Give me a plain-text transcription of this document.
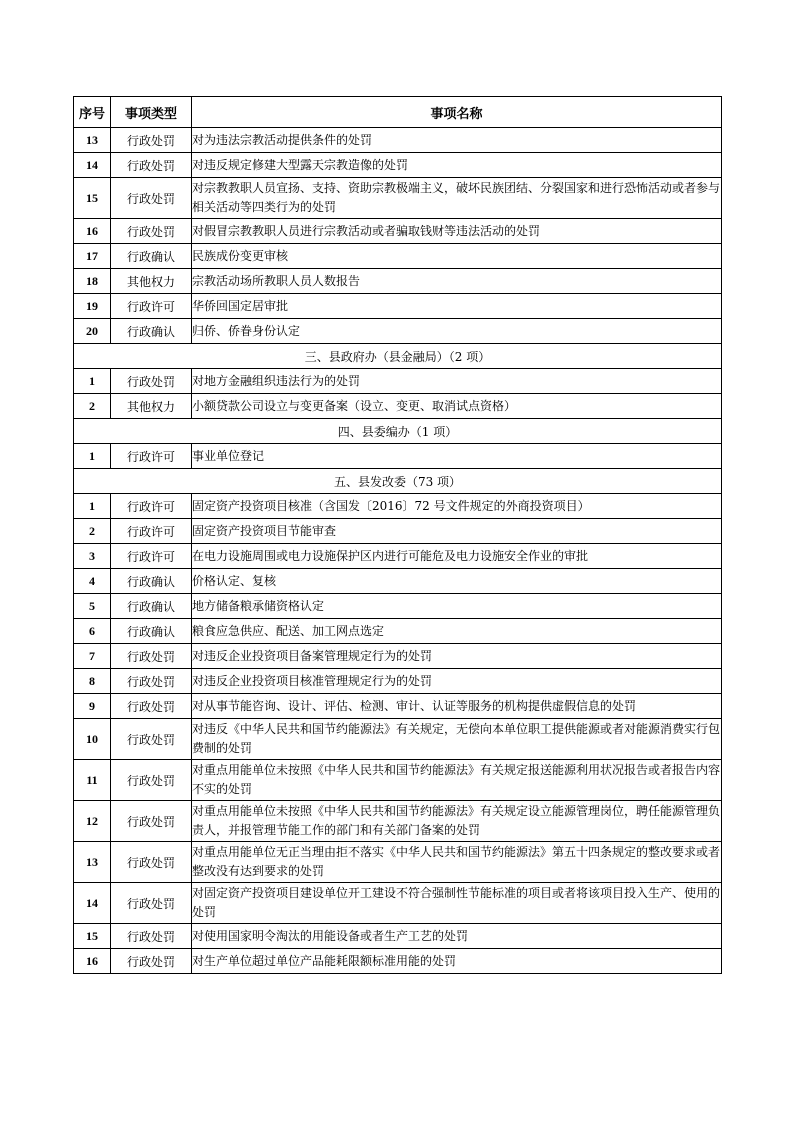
序号	事项类型	事项名称
13	行政处罚	对为违法宗教活动提供条件的处罚
14	行政处罚	对违反规定修建大型露天宗教造像的处罚
15	行政处罚	对宗教教职人员宣扬、支持、资助宗教极端主义，破坏民族团结、分裂国家和进行恐怖活动或者参与相关活动等四类行为的处罚
16	行政处罚	对假冒宗教教职人员进行宗教活动或者骗取钱财等违法活动的处罚
17	行政确认	民族成份变更审核
18	其他权力	宗教活动场所教职人员人数报告
19	行政许可	华侨回国定居审批
20	行政确认	归侨、侨眷身份认定
三、县政府办（县金融局）（2 项）		
1	行政处罚	对地方金融组织违法行为的处罚
2	其他权力	小额贷款公司设立与变更备案（设立、变更、取消试点资格）
四、县委编办（1 项）		
1	行政许可	事业单位登记
五、县发改委（73 项）		
1	行政许可	固定资产投资项目核准（含国发〔2016〕72 号文件规定的外商投资项目）
2	行政许可	固定资产投资项目节能审查
3	行政许可	在电力设施周围或电力设施保护区内进行可能危及电力设施安全作业的审批
4	行政确认	价格认定、复核
5	行政确认	地方储备粮承储资格认定
6	行政确认	粮食应急供应、配送、加工网点选定
7	行政处罚	对违反企业投资项目备案管理规定行为的处罚
8	行政处罚	对违反企业投资项目核准管理规定行为的处罚
9	行政处罚	对从事节能咨询、设计、评估、检测、审计、认证等服务的机构提供虚假信息的处罚
10	行政处罚	对违反《中华人民共和国节约能源法》有关规定，无偿向本单位职工提供能源或者对能源消费实行包费制的处罚
11	行政处罚	对重点用能单位未按照《中华人民共和国节约能源法》有关规定报送能源利用状况报告或者报告内容不实的处罚
12	行政处罚	对重点用能单位未按照《中华人民共和国节约能源法》有关规定设立能源管理岗位，聘任能源管理负责人，并报管理节能工作的部门和有关部门备案的处罚
13	行政处罚	对重点用能单位无正当理由拒不落实《中华人民共和国节约能源法》第五十四条规定的整改要求或者整改没有达到要求的处罚
14	行政处罚	对固定资产投资项目建设单位开工建设不符合强制性节能标准的项目或者将该项目投入生产、使用的处罚
15	行政处罚	对使用国家明令淘汰的用能设备或者生产工艺的处罚
16	行政处罚	对生产单位超过单位产品能耗限额标准用能的处罚
